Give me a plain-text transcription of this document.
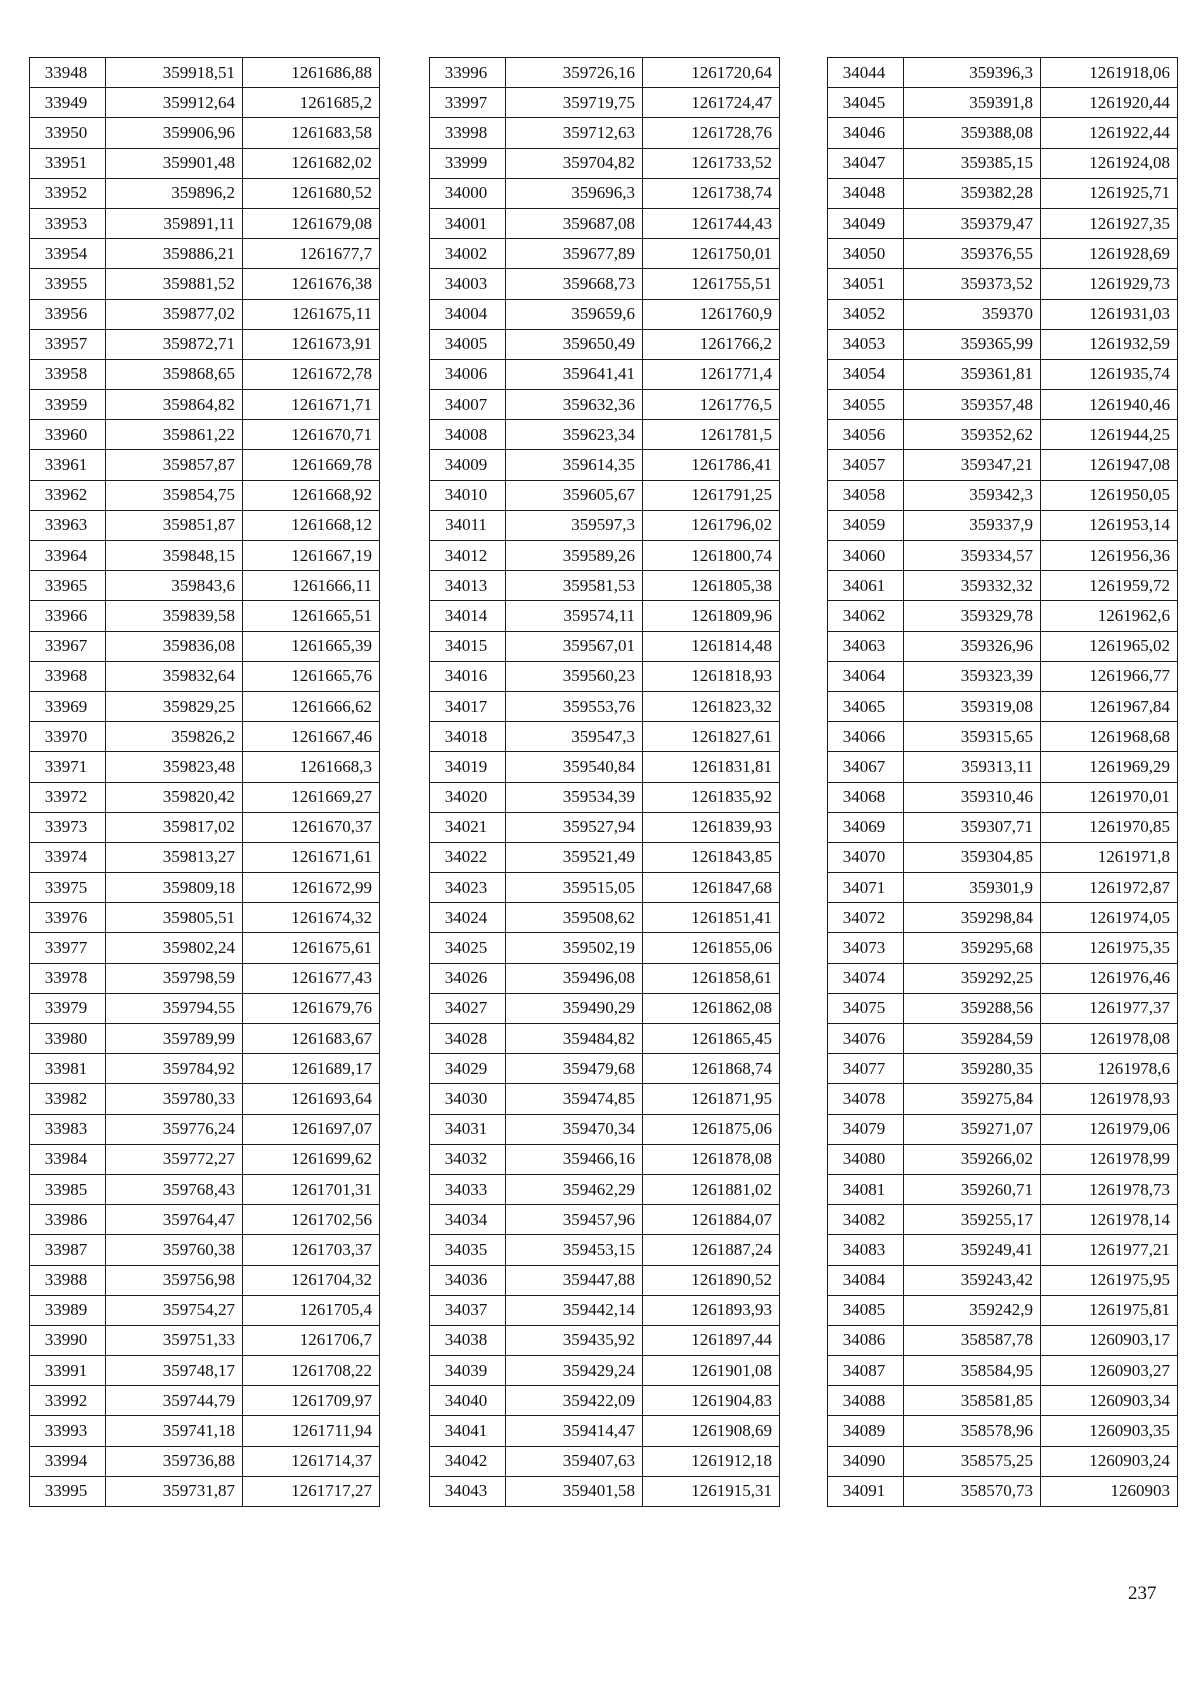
33948	359918,51	1261686,88
33949	359912,64	1261685,2
33950	359906,96	1261683,58
33951	359901,48	1261682,02
33952	359896,2	1261680,52
33953	359891,11	1261679,08
33954	359886,21	1261677,7
33955	359881,52	1261676,38
33956	359877,02	1261675,11
33957	359872,71	1261673,91
33958	359868,65	1261672,78
33959	359864,82	1261671,71
33960	359861,22	1261670,71
33961	359857,87	1261669,78
33962	359854,75	1261668,92
33963	359851,87	1261668,12
33964	359848,15	1261667,19
33965	359843,6	1261666,11
33966	359839,58	1261665,51
33967	359836,08	1261665,39
33968	359832,64	1261665,76
33969	359829,25	1261666,62
33970	359826,2	1261667,46
33971	359823,48	1261668,3
33972	359820,42	1261669,27
33973	359817,02	1261670,37
33974	359813,27	1261671,61
33975	359809,18	1261672,99
33976	359805,51	1261674,32
33977	359802,24	1261675,61
33978	359798,59	1261677,43
33979	359794,55	1261679,76
33980	359789,99	1261683,67
33981	359784,92	1261689,17
33982	359780,33	1261693,64
33983	359776,24	1261697,07
33984	359772,27	1261699,62
33985	359768,43	1261701,31
33986	359764,47	1261702,56
33987	359760,38	1261703,37
33988	359756,98	1261704,32
33989	359754,27	1261705,4
33990	359751,33	1261706,7
33991	359748,17	1261708,22
33992	359744,79	1261709,97
33993	359741,18	1261711,94
33994	359736,88	1261714,37
33995	359731,87	1261717,27
33996	359726,16	1261720,64
33997	359719,75	1261724,47
33998	359712,63	1261728,76
33999	359704,82	1261733,52
34000	359696,3	1261738,74
34001	359687,08	1261744,43
34002	359677,89	1261750,01
34003	359668,73	1261755,51
34004	359659,6	1261760,9
34005	359650,49	1261766,2
34006	359641,41	1261771,4
34007	359632,36	1261776,5
34008	359623,34	1261781,5
34009	359614,35	1261786,41
34010	359605,67	1261791,25
34011	359597,3	1261796,02
34012	359589,26	1261800,74
34013	359581,53	1261805,38
34014	359574,11	1261809,96
34015	359567,01	1261814,48
34016	359560,23	1261818,93
34017	359553,76	1261823,32
34018	359547,3	1261827,61
34019	359540,84	1261831,81
34020	359534,39	1261835,92
34021	359527,94	1261839,93
34022	359521,49	1261843,85
34023	359515,05	1261847,68
34024	359508,62	1261851,41
34025	359502,19	1261855,06
34026	359496,08	1261858,61
34027	359490,29	1261862,08
34028	359484,82	1261865,45
34029	359479,68	1261868,74
34030	359474,85	1261871,95
34031	359470,34	1261875,06
34032	359466,16	1261878,08
34033	359462,29	1261881,02
34034	359457,96	1261884,07
34035	359453,15	1261887,24
34036	359447,88	1261890,52
34037	359442,14	1261893,93
34038	359435,92	1261897,44
34039	359429,24	1261901,08
34040	359422,09	1261904,83
34041	359414,47	1261908,69
34042	359407,63	1261912,18
34043	359401,58	1261915,31
34044	359396,3	1261918,06
34045	359391,8	1261920,44
34046	359388,08	1261922,44
34047	359385,15	1261924,08
34048	359382,28	1261925,71
34049	359379,47	1261927,35
34050	359376,55	1261928,69
34051	359373,52	1261929,73
34052	359370	1261931,03
34053	359365,99	1261932,59
34054	359361,81	1261935,74
34055	359357,48	1261940,46
34056	359352,62	1261944,25
34057	359347,21	1261947,08
34058	359342,3	1261950,05
34059	359337,9	1261953,14
34060	359334,57	1261956,36
34061	359332,32	1261959,72
34062	359329,78	1261962,6
34063	359326,96	1261965,02
34064	359323,39	1261966,77
34065	359319,08	1261967,84
34066	359315,65	1261968,68
34067	359313,11	1261969,29
34068	359310,46	1261970,01
34069	359307,71	1261970,85
34070	359304,85	1261971,8
34071	359301,9	1261972,87
34072	359298,84	1261974,05
34073	359295,68	1261975,35
34074	359292,25	1261976,46
34075	359288,56	1261977,37
34076	359284,59	1261978,08
34077	359280,35	1261978,6
34078	359275,84	1261978,93
34079	359271,07	1261979,06
34080	359266,02	1261978,99
34081	359260,71	1261978,73
34082	359255,17	1261978,14
34083	359249,41	1261977,21
34084	359243,42	1261975,95
34085	359242,9	1261975,81
34086	358587,78	1260903,17
34087	358584,95	1260903,27
34088	358581,85	1260903,34
34089	358578,96	1260903,35
34090	358575,25	1260903,24
34091	358570,73	1260903
237
